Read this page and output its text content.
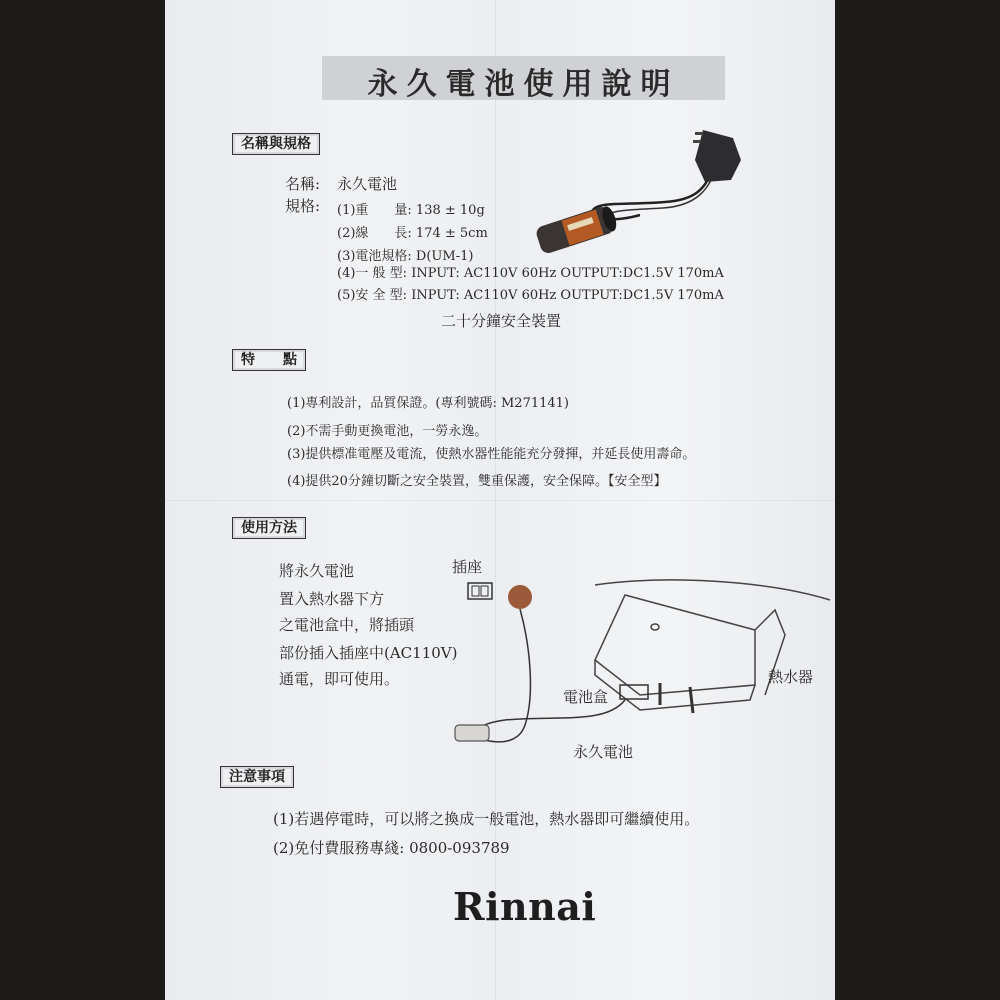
永久電池使用說明
名稱與規格
名稱: 永久電池
規格: (1)重　　量: 138 ± 10g
(2)線　　長: 174 ± 5cm
(3)電池規格: D(UM-1)
(4)一 般 型: INPUT: AC110V 60Hz OUTPUT:DC1.5V 170mA
(5)安 全 型: INPUT: AC110V 60Hz OUTPUT:DC1.5V 170mA
二十分鐘安全裝置
特　　點
(1)專利設計，品質保證。(專利號碼: M271141)
(2)不需手動更換電池，一勞永逸。
(3)提供標准電壓及電流，使熱水器性能能充分發揮，并延長使用壽命。
(4)提供20分鐘切斷之安全裝置，雙重保護，安全保障。【安全型】
使用方法
將永久電池
置入熱水器下方
之電池盒中，將插頭
部份插入插座中(AC110V)
通電，即可使用。
插座
熱水器
電池盒
永久電池
注意事項
(1)若遇停電時，可以將之換成一般電池，熱水器即可繼續使用。
(2)免付費服務專綫: 0800-093789
Rinnai
